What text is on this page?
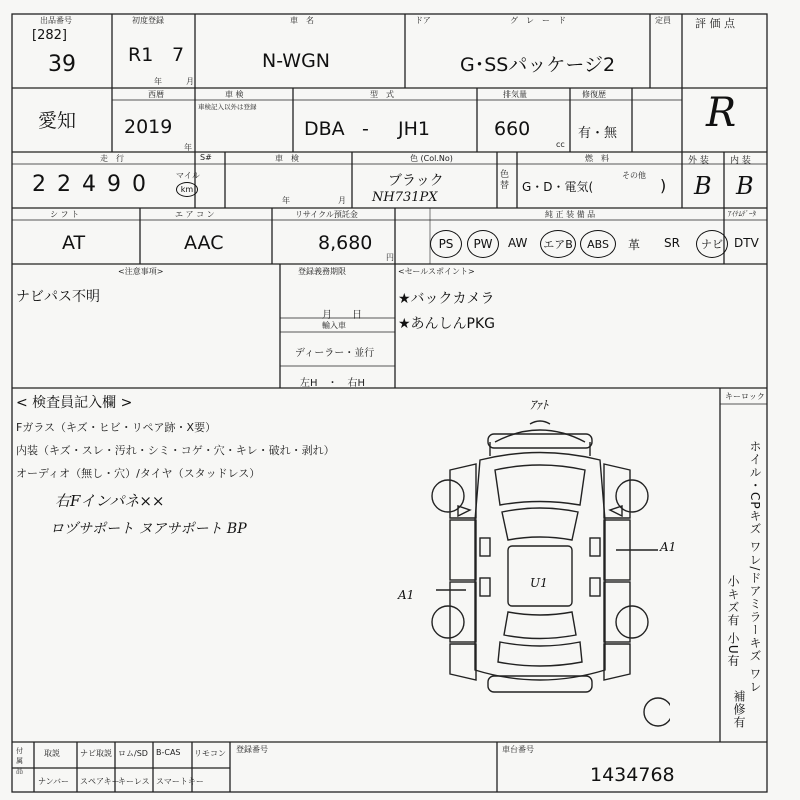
出品番号
[282]
39
初度登録
R1 7
年	月
車　名
N-WGN
ドア	グ　レ　ー　ド
G･SSパッケージ2
定員 評 価 点
R
愛知
西暦
2019
年
車 検
車検記入以外は登録
型　式
DBA - JH1
排気量
660
cc
修復歴
有・無
走　行
2 2 4 9 0	マイル
km
S#	車　検
年	月
色 (Col.No)
ブラック
NH731PX
色替
燃　料
G・D・電気(
その他
)
外 装
B
内 装
B
シ フ ト
AT
エ ア コ ン
AAC
リサイクル預託金
8,680
円
純 正 装 備 品	ｱｲﾃﾑﾃﾞｰﾀ
PS	PW	AW エアB	ABS	革 SR	ナビ DTV
<注意事項>
ナビパス不明
登録義務期限
月　　日
輸入車
ディーラー・並行
左H　・　右H
<セールスポイント>
★バックカメラ
★あんしんPKG
< 検査員記入欄 >
Fガラス（キズ・ヒビ・リペア跡・X要）
内装（キズ・スレ・汚れ・シミ・コゲ・穴・キレ・破れ・剥れ）
オーディオ（無し・穴）/タイヤ（スタッドレス）
右Fインパネ××
ロヅサポート ヌアサポート BP
キーロック
ホイル・CPキズ ワレ/ドアミラーキズ ワレ
小キズ有 小U有
補修有
ｱｧﾄ
A1
U1
A1
付属品
取説	ナビ取説 ロム/SD B-CAS リモコン
ナンバー スペアキー
キーレス スマートキー
登録番号	車台番号
1434768
